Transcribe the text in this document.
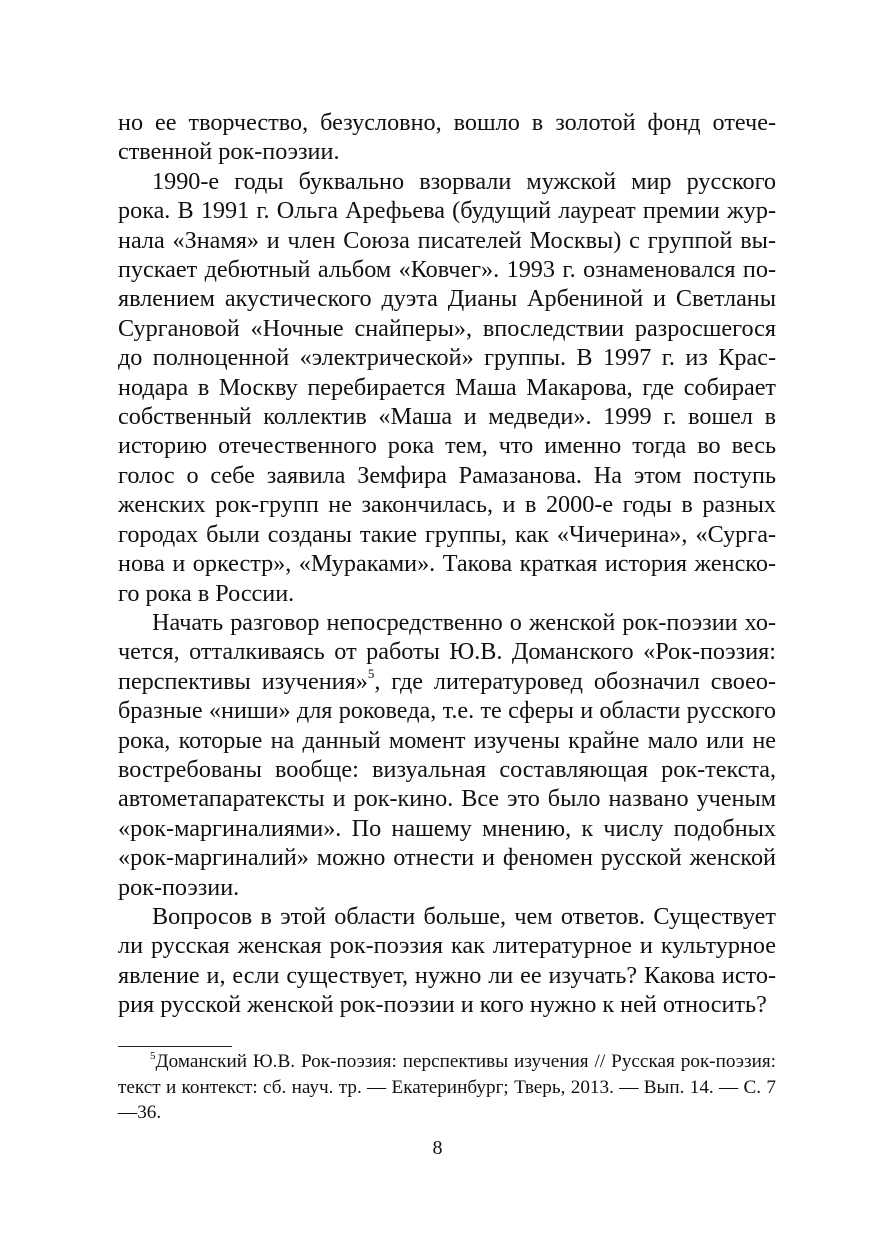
но ее творчество, безусловно, вошло в золотой фонд отечественной рок-поэзии.

1990-е годы буквально взорвали мужской мир русского рока. В 1991 г. Ольга Арефьева (будущий лауреат премии журнала «Знамя» и член Союза писателей Москвы) с группой выпускает дебютный альбом «Ковчег». 1993 г. ознаменовался появлением акустического дуэта Дианы Арбениной и Светланы Сургановой «Ночные снайперы», впоследствии разросшегося до полноценной «электрической» группы. В 1997 г. из Краснодара в Москву перебирается Маша Макарова, где собирает собственный коллектив «Маша и медведи». 1999 г. вошел в историю отечественного рока тем, что именно тогда во весь голос о себе заявила Земфира Рамазанова. На этом поступь женских рок-групп не закончилась, и в 2000-е годы в разных городах были созданы такие группы, как «Чичерина», «Сурганова и оркестр», «Мураками». Такова краткая история женского рока в России.

Начать разговор непосредственно о женской рок-поэзии хочется, отталкиваясь от работы Ю.В. Доманского «Рок-поэзия: перспективы изучения»$^5$, где литературовед обозначил своеобразные «ниши» для роковеда, т.е. те сферы и области русского рока, которые на данный момент изучены крайне мало или не востребованы вообще: визуальная составляющая рок-текста, автометапаратексты и рок-кино. Все это было названо ученым «рок-маргиналиями». По нашему мнению, к числу подобных «рок-маргиналий» можно отнести и феномен русской женской рок-поэзии.

Вопросов в этой области больше, чем ответов. Существует ли русская женская рок-поэзия как литературное и культурное явление и, если существует, нужно ли ее изучать? Какова история русской женской рок-поэзии и кого нужно к ней относить?

$^5$Доманский Ю.В. Рок-поэзия: перспективы изучения // Русская рок-поэзия: текст и контекст: сб. науч. тр. — Екатеринбург; Тверь, 2013. — Вып. 14. — С. 7—36.

8
